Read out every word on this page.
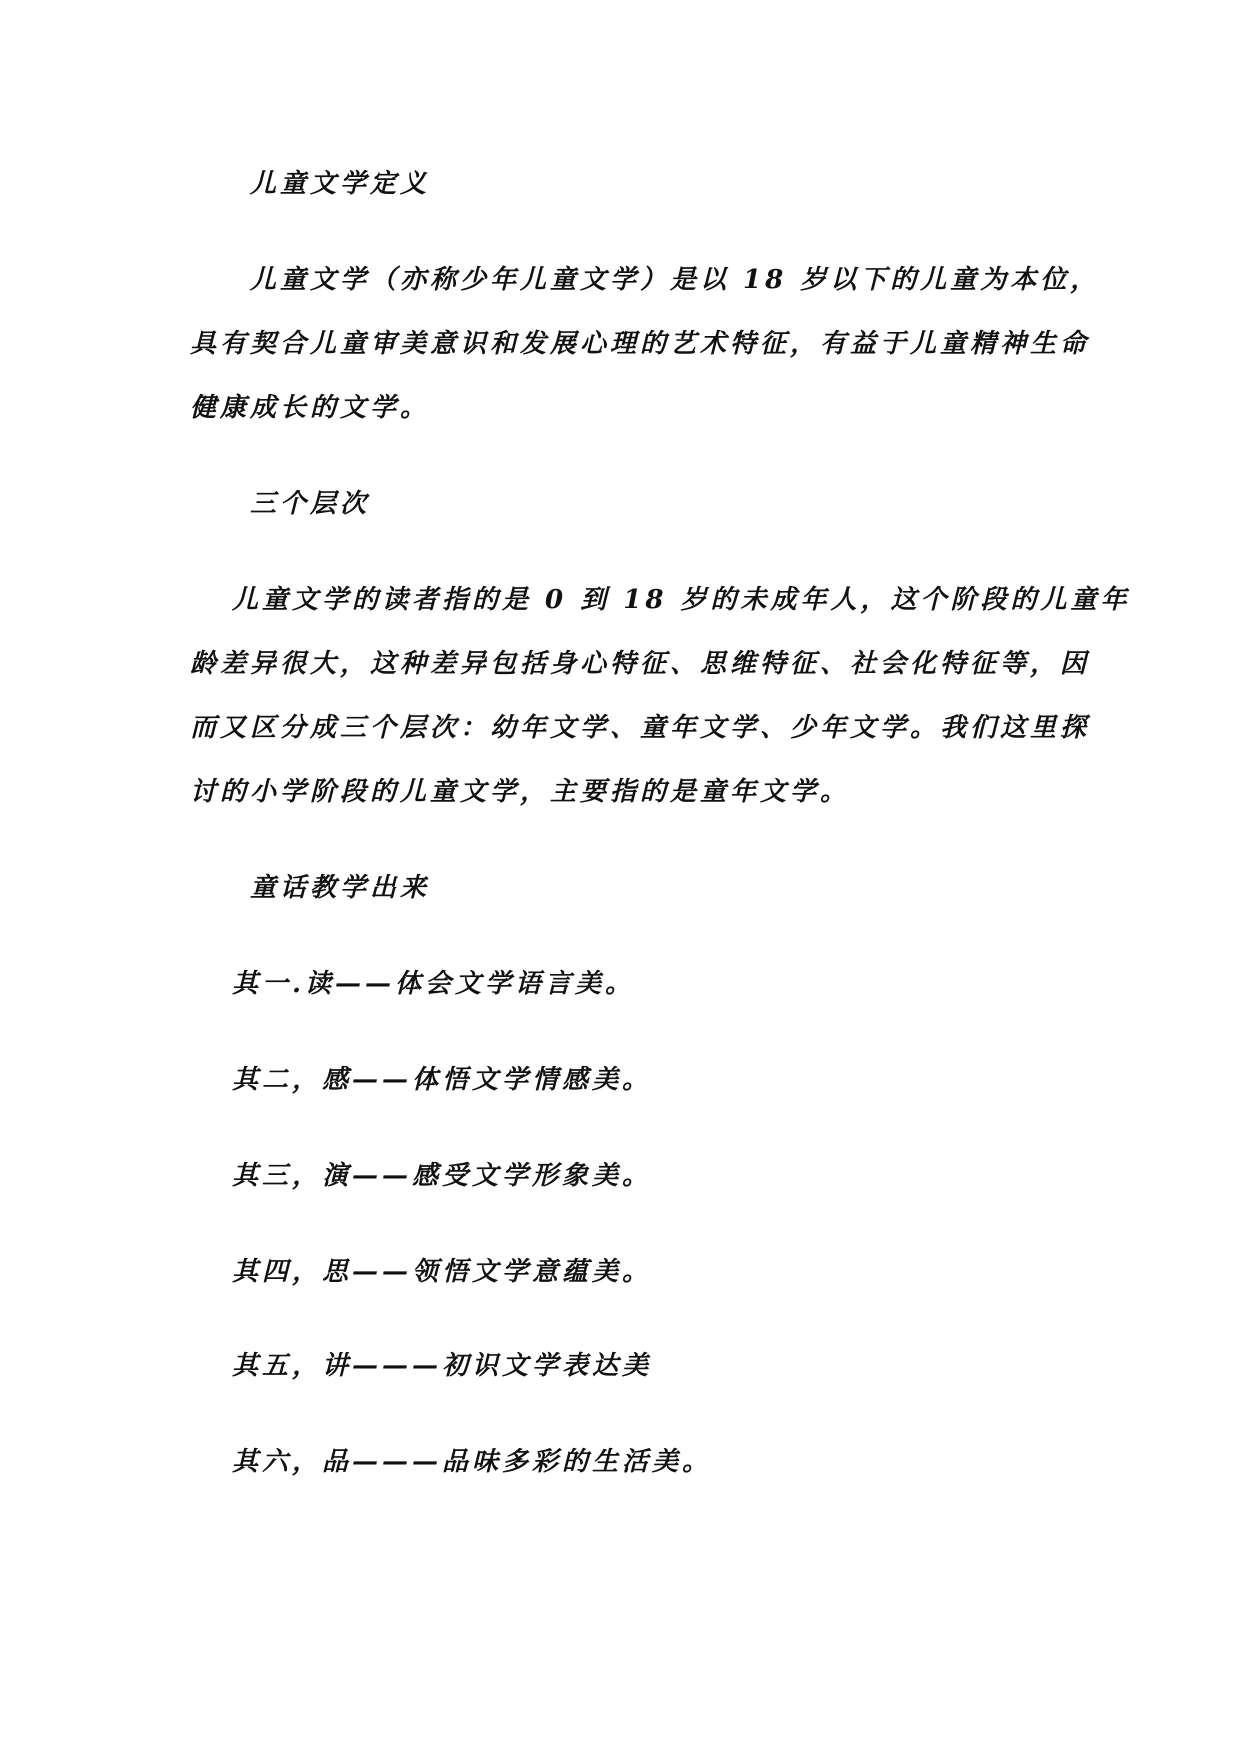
儿童文学定义

儿童文学（亦称少年儿童文学）是以 18 岁以下的儿童为本位，

具有契合儿童审美意识和发展心理的艺术特征，有益于儿童精神生命

健康成长的文学。

三个层次

儿童文学的读者指的是 0 到 18 岁的未成年人，这个阶段的儿童年

龄差异很大，这种差异包括身心特征、思维特征、社会化特征等，因

而又区分成三个层次：幼年文学、童年文学、少年文学。我们这里探

讨的小学阶段的儿童文学，主要指的是童年文学。

童话教学出来

其一.读——体会文学语言美。

其二，感——体悟文学情感美。

其三，演——感受文学形象美。

其四，思——领悟文学意蕴美。

其五，讲———初识文学表达美

其六，品———品味多彩的生活美。
